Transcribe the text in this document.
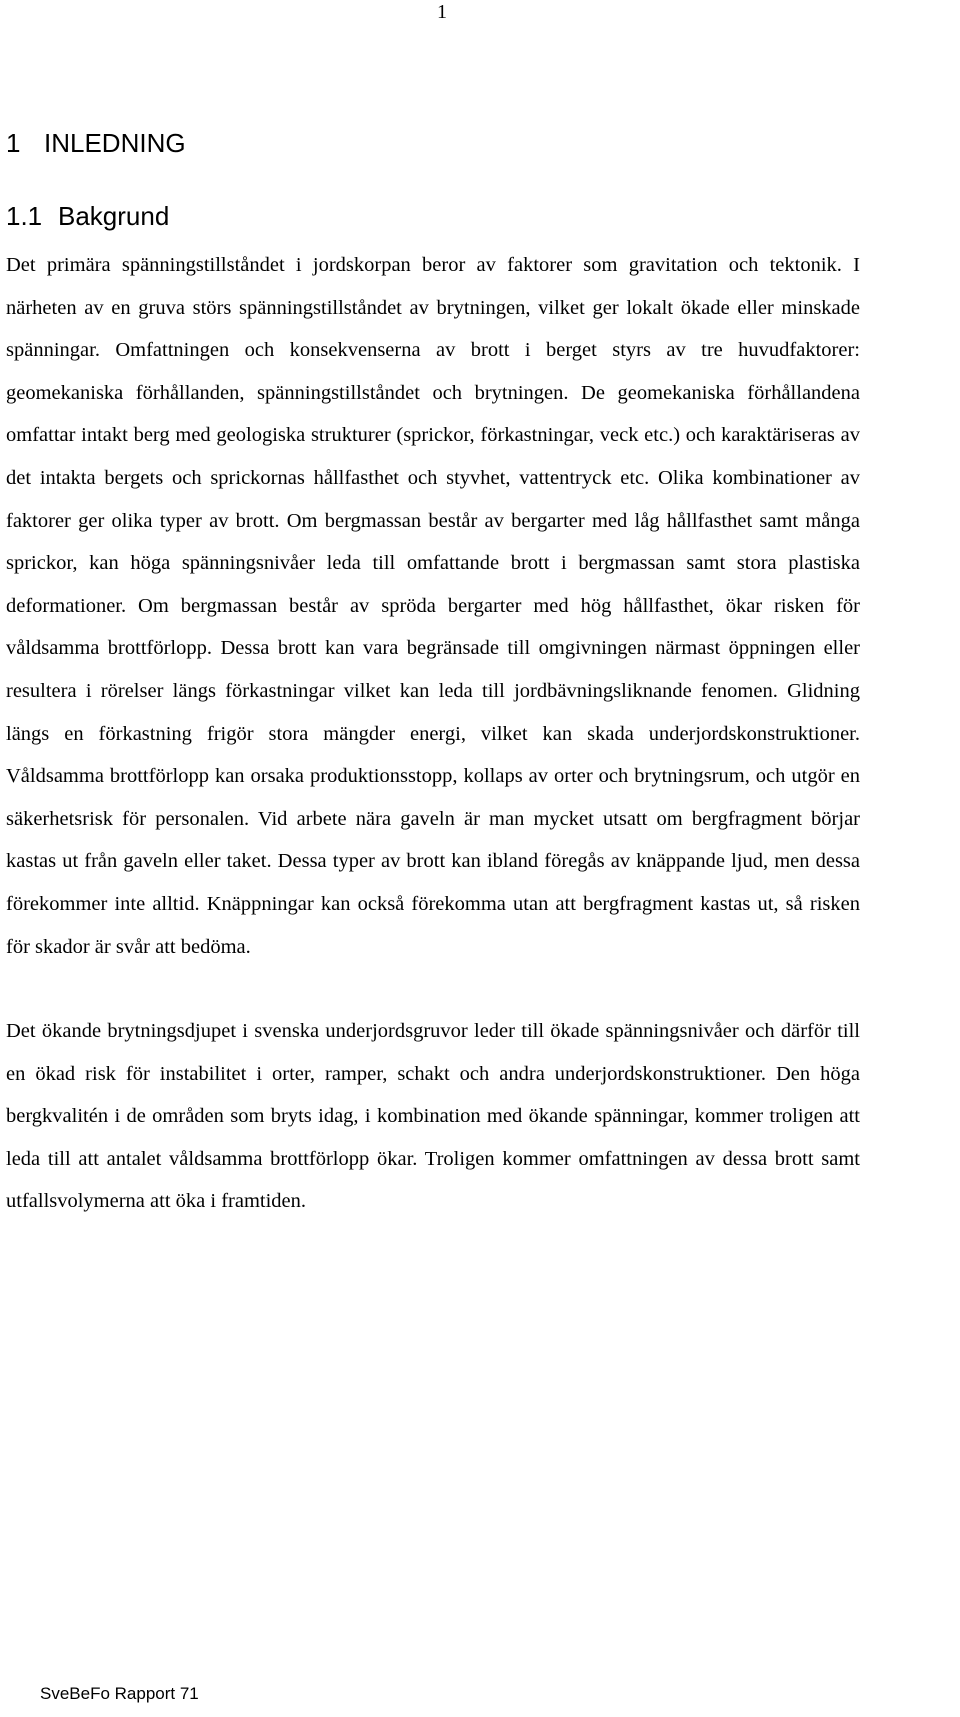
1
1 INLEDNING
1.1 Bakgrund

Det primära spänningstillståndet i jordskorpan beror av faktorer som gravitation och tektonik. I närheten av en gruva störs spänningstillståndet av brytningen, vilket ger lokalt ökade eller minskade spänningar. Omfattningen och konsekvenserna av brott i berget styrs av tre huvudfaktorer: geomekaniska förhållanden, spänningstillståndet och brytningen. De geomekaniska förhållandena omfattar intakt berg med geologiska strukturer (sprickor, förkastningar, veck etc.) och karaktäriseras av det intakta bergets och sprickornas hållfasthet och styvhet, vattentryck etc. Olika kombinationer av faktorer ger olika typer av brott. Om bergmassan består av bergarter med låg hållfasthet samt många sprickor, kan höga spänningsnivåer leda till omfattande brott i bergmassan samt stora plastiska deformationer. Om bergmassan består av spröda bergarter med hög hållfasthet, ökar risken för våldsamma brottförlopp. Dessa brott kan vara begränsade till omgivningen närmast öppningen eller resultera i rörelser längs förkastningar vilket kan leda till jordbävningsliknande fenomen. Glidning längs en förkastning frigör stora mängder energi, vilket kan skada underjordskonstruktioner. Våldsamma brottförlopp kan orsaka produktionsstopp, kollaps av orter och brytningsrum, och utgör en säkerhetsrisk för personalen. Vid arbete nära gaveln är man mycket utsatt om bergfragment börjar kastas ut från gaveln eller taket. Dessa typer av brott kan ibland föregås av knäppande ljud, men dessa förekommer inte alltid. Knäppningar kan också förekomma utan att bergfragment kastas ut, så risken för skador är svår att bedöma.

Det ökande brytningsdjupet i svenska underjordsgruvor leder till ökade spänningsnivåer och därför till en ökad risk för instabilitet i orter, ramper, schakt och andra underjordskonstruktioner. Den höga bergkvalitén i de områden som bryts idag, i kombination med ökande spänningar, kommer troligen att leda till att antalet våldsamma brottförlopp ökar. Troligen kommer omfattningen av dessa brott samt utfallsvolymerna att öka i framtiden.

SveBeFo Rapport 71
